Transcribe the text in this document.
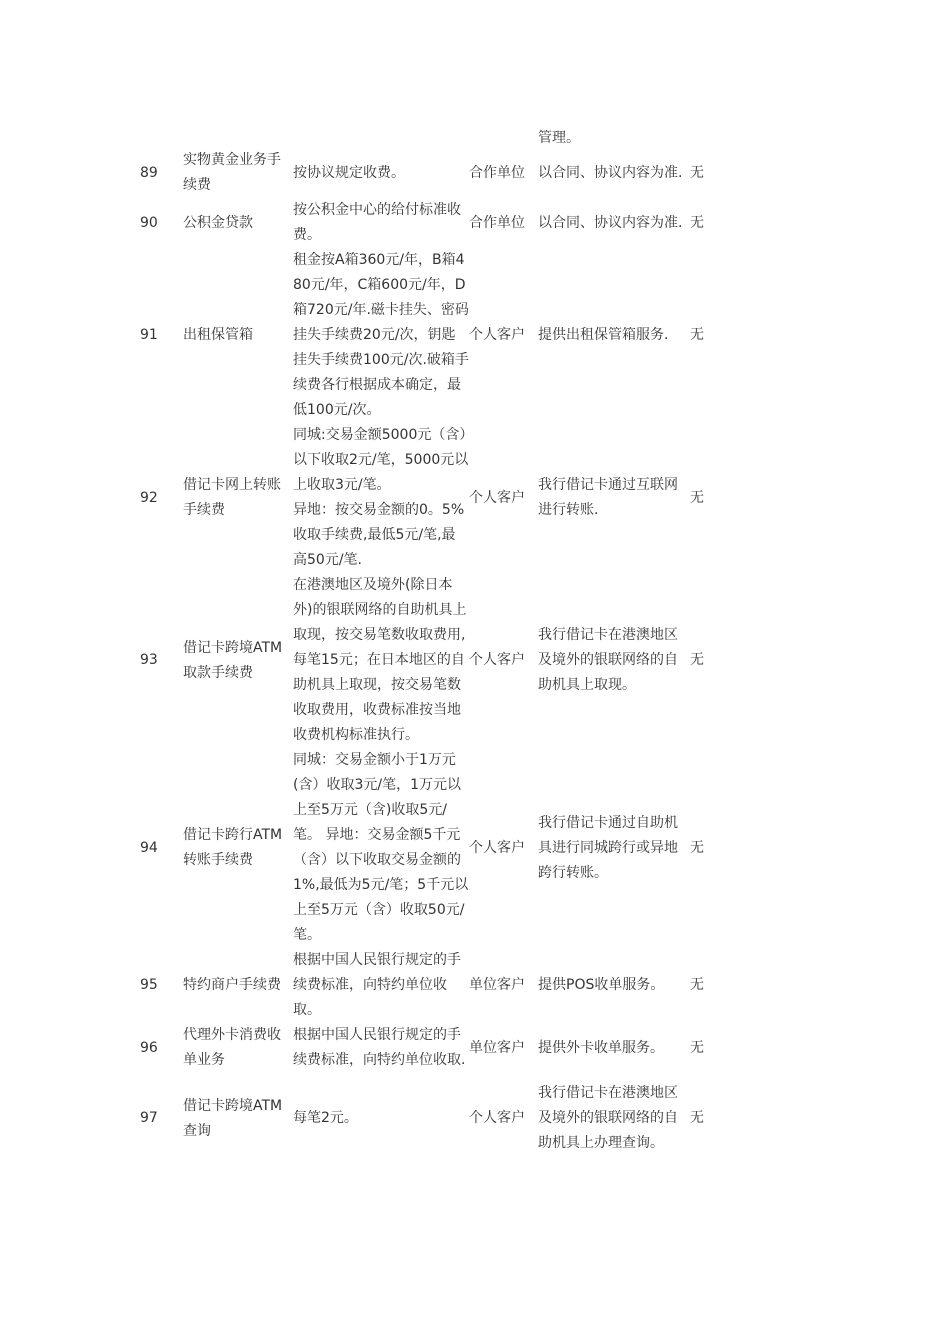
管理。
89	实物黄金业务手续费	按协议规定收费。	合作单位	以合同、协议内容为准.	无
90	公积金贷款	按公积金中心的给付标准收费。	合作单位	以合同、协议内容为准.	无
91	出租保管箱	租金按A箱360元/年，B箱480元/年，C箱600元/年，D箱720元/年.磁卡挂失、密码挂失手续费20元/次，钥匙挂失手续费100元/次.破箱手续费各行根据成本确定，最低100元/次。	个人客户	提供出租保管箱服务.	无
92	借记卡网上转账手续费	同城:交易金额5000元（含）以下收取2元/笔，5000元以上收取3元/笔。
异地：按交易金额的0。5%收取手续费,最低5元/笔,最高50元/笔.	个人客户	我行借记卡通过互联网进行转账.	无
93	借记卡跨境ATM取款手续费	在港澳地区及境外(除日本外)的银联网络的自助机具上取现，按交易笔数收取费用,每笔15元；在日本地区的自助机具上取现，按交易笔数收取费用，收费标准按当地收费机构标准执行。	个人客户	我行借记卡在港澳地区及境外的银联网络的自助机具上取现。	无
94	借记卡跨行ATM转账手续费	同城：交易金额小于1万元(含）收取3元/笔，1万元以上至5万元（含)收取5元/笔。 异地：交易金额5千元（含）以下收取交易金额的1%,最低为5元/笔；5千元以上至5万元（含）收取50元/笔。	个人客户	我行借记卡通过自助机具进行同城跨行或异地跨行转账。	无
95	特约商户手续费	根据中国人民银行规定的手续费标准，向特约单位收取。	单位客户	提供POS收单服务。	无
96	代理外卡消费收单业务	根据中国人民银行规定的手续费标准，向特约单位收取.	单位客户	提供外卡收单服务。	无
97	借记卡跨境ATM查询	每笔2元。	个人客户	我行借记卡在港澳地区及境外的银联网络的自助机具上办理查询。	无
